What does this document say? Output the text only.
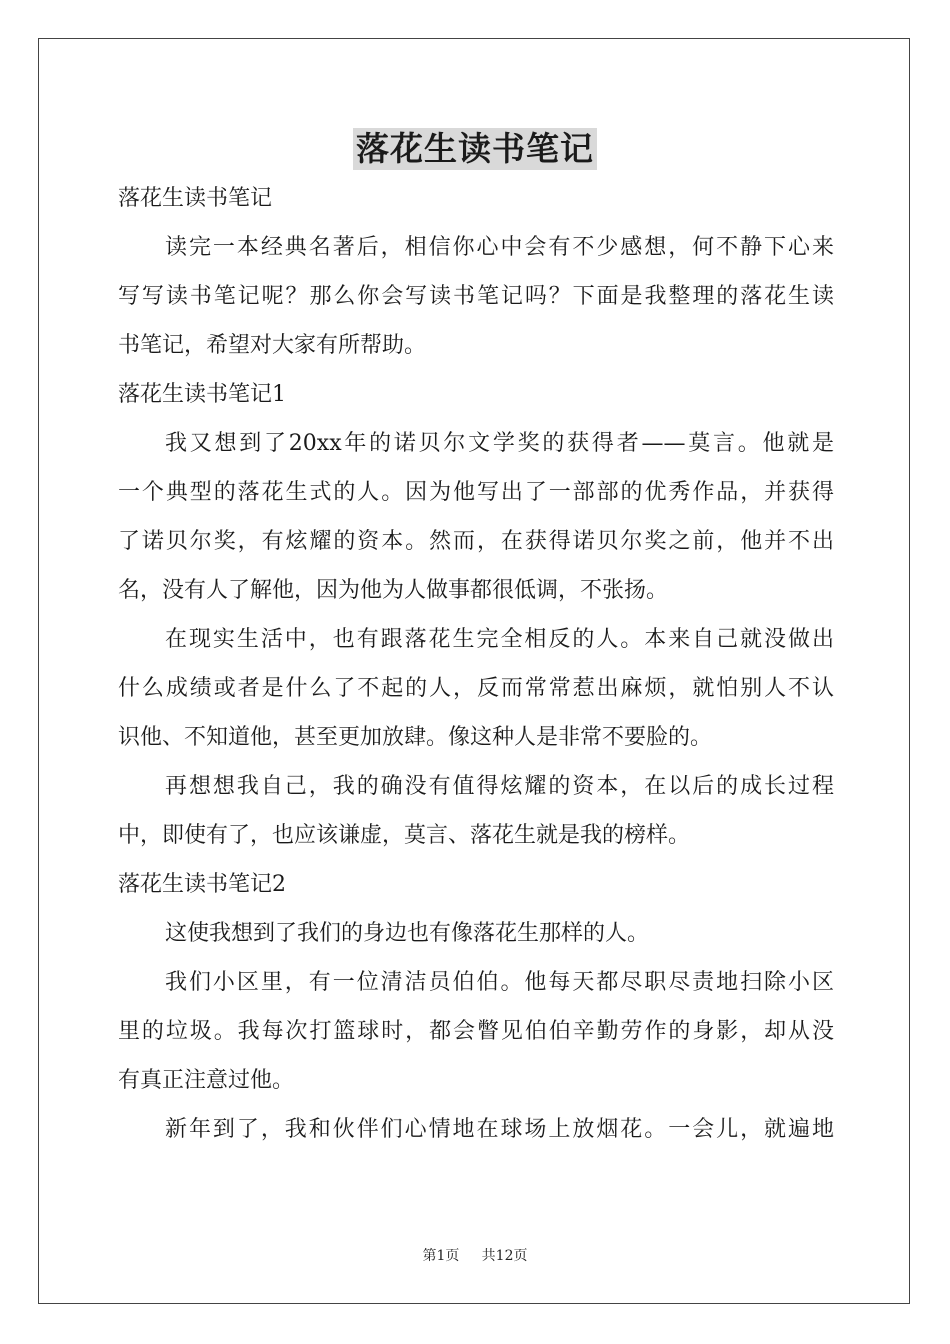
落花生读书笔记

落花生读书笔记

读完一本经典名著后，相信你心中会有不少感想，何不静下心来

写写读书笔记呢？那么你会写读书笔记吗？下面是我整理的落花生读

书笔记，希望对大家有所帮助。

落花生读书笔记1

我又想到了20xx年的诺贝尔文学奖的获得者——莫言。他就是

一个典型的落花生式的人。因为他写出了一部部的优秀作品，并获得

了诺贝尔奖，有炫耀的资本。然而，在获得诺贝尔奖之前，他并不出

名，没有人了解他，因为他为人做事都很低调，不张扬。

在现实生活中，也有跟落花生完全相反的人。本来自己就没做出

什么成绩或者是什么了不起的人，反而常常惹出麻烦，就怕别人不认

识他、不知道他，甚至更加放肆。像这种人是非常不要脸的。

再想想我自己，我的确没有值得炫耀的资本，在以后的成长过程

中，即使有了，也应该谦虚，莫言、落花生就是我的榜样。

落花生读书笔记2

这使我想到了我们的身边也有像落花生那样的人。

我们小区里，有一位清洁员伯伯。他每天都尽职尽责地扫除小区

里的垃圾。我每次打篮球时，都会瞥见伯伯辛勤劳作的身影，却从没

有真正注意过他。

新年到了，我和伙伴们心情地在球场上放烟花。一会儿，就遍地

第1页 共12页
